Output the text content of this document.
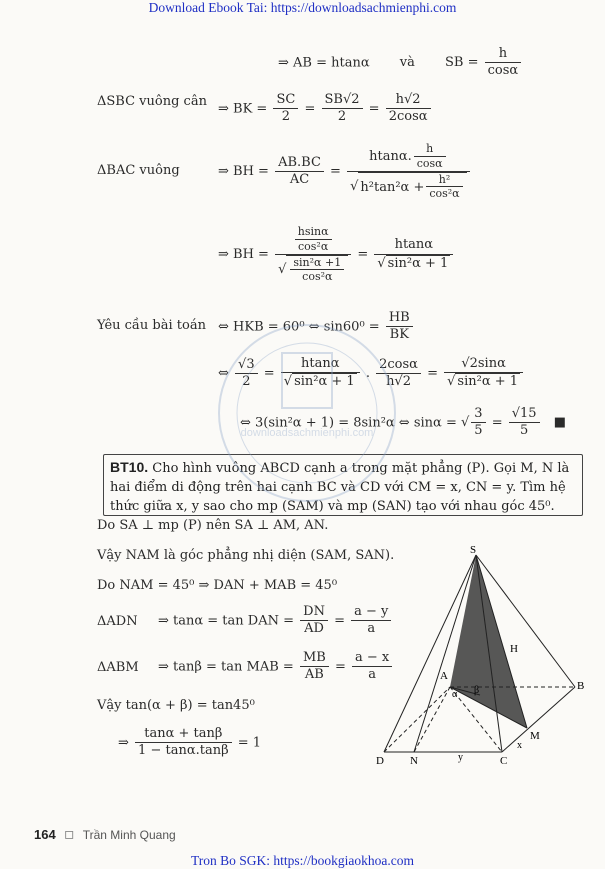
Download Ebook Tai: https://downloadsachmienphi.com
⇒ AB = htanα và SB = $\frac{h}{\cos\alpha}$
ΔSBC vuông cân ⇒ BK = $\frac{SC}{2} = \frac{SB√2}{2} = \frac{h√2}{2\cos\alpha}$
ΔBAC vuông	⇒ BH = $\frac{AB.BC}{AC} = htan\alpha$. $\frac{h}{\cos\alpha}$
√ $h^2\tan^2\alpha + \frac{\text{h²}}{\text{cos²α}}$
⇒ BH = $\frac{hsin\alpha}{\text{cos²α}}$
√
$\frac{\text{sin²α +1}}{\text{cos²α}} = htan\alpha$
√ sin²α + 1
Yêu cầu bài toán ⇔ HKB = 60⁰ ⇔ $\sin 60^0 = \frac{HB}{BK}$
⇔ $\frac{√3}{2} = htan\alpha$
√ sin²α + 1 . $\frac{2\cos\alpha}{h√2} = √2\sin\alpha$
√ sin²α + 1
⇔ 3(sin²α + 1) = 8sin²α ⇔ sinα = √ $\frac{3}{5} = \frac{√15}{5}$ ■
BT10. Cho hình vuông ABCD cạnh a trong mặt phẳng (P). Gọi M, N là hai điểm di động trên hai cạnh BC và CD với CM = x, CN = y. Tìm hệ thức giữa x, y sao cho mp (SAM) và mp (SAN) tạo với nhau góc 45⁰.
Do SA ⊥ mp (P) nên SA ⊥ AM, AN.
Vậy NAM là góc phẳng nhị diện (SAM, SAN).
Do NAM = 45⁰ ⇒ DAN + MAB = 45⁰
ΔADN ⇒ tanα = tan DAN = $\frac{DN}{AD} = \frac{a - y}{a}$
ΔABM ⇒ tanβ = tan MAB = $\frac{MB}{AB} = \frac{a - x}{a}$
Vậy tan(α + β) = tan45⁰
⇒ $\frac{\tan\alpha + \tan\beta}{1 - \tan\alpha.\tan\beta} = 1$
S
H
A
B
α β
D N	C
M
x
y
downloadsachmienphi.com
164 ▫ Trần Minh Quang
Tron Bo SGK: https://bookgiaokhoa.com
